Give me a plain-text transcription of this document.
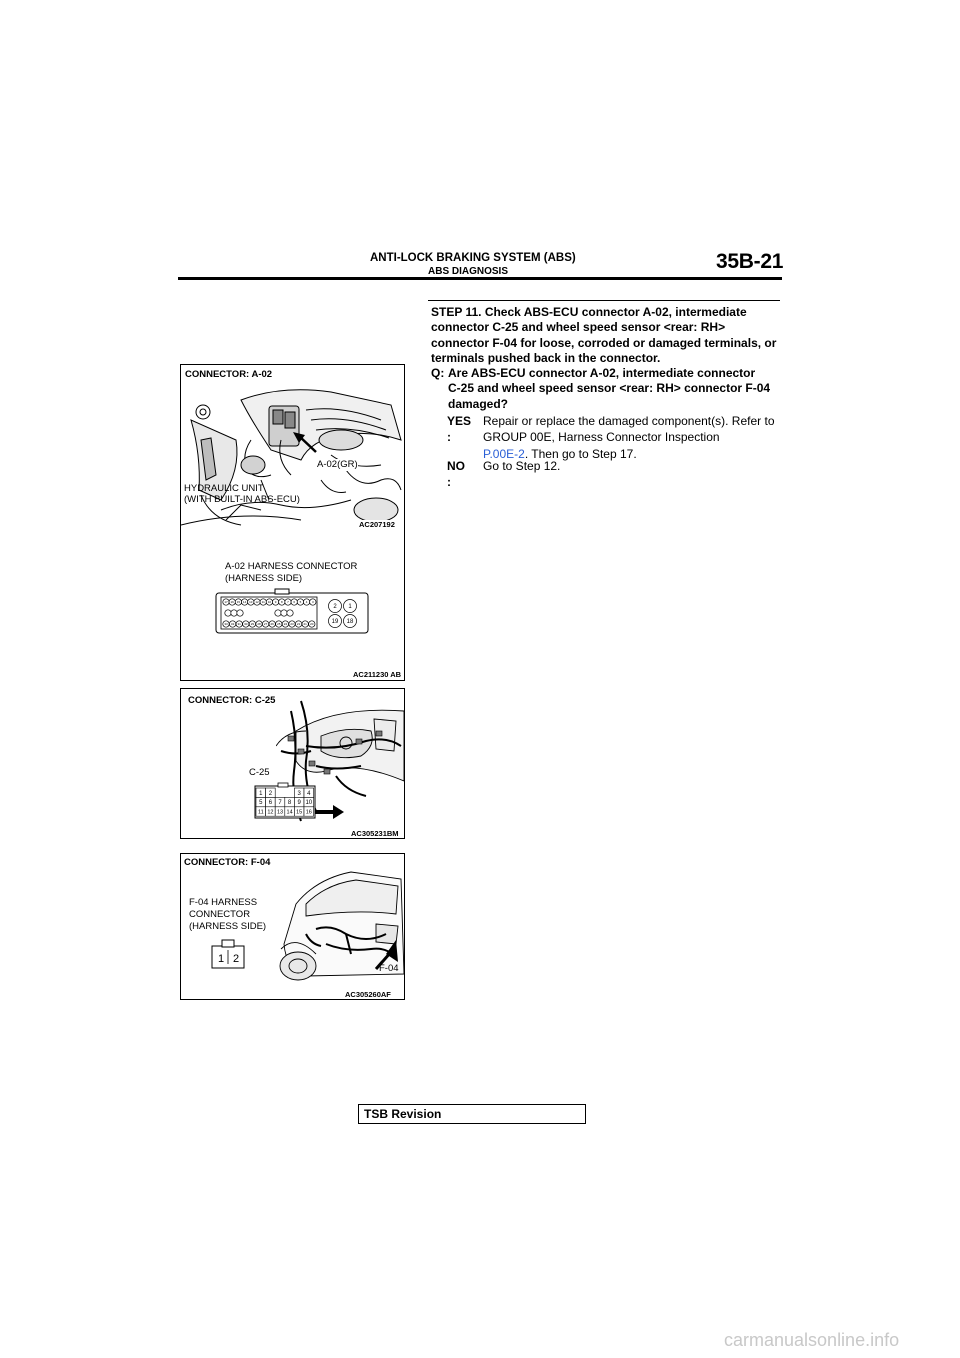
ANTI-LOCK BRAKING SYSTEM (ABS)
ABS DIAGNOSIS	35B-21
STEP 11. Check ABS-ECU connector A-02, intermediate connector C-25 and wheel speed sensor <rear: RH> connector F-04 for loose, corroded or damaged terminals, or terminals pushed back in the connector.
Q: Are ABS-ECU connector A-02, intermediate connector
C-25 and wheel speed sensor <rear: RH> connector F-04 damaged?
YES :
Repair or replace the damaged component(s). Refer to GROUP 00E, Harness Connector Inspection
P.00E-2. Then go to Step 17.
NO :
Go to Step 12.
CONNECTOR: A-02
A-02(GR)
HYDRAULIC UNIT
(WITH BUILT-IN ABS-ECU)
AC207192
A-02 HARNESS CONNECTOR
(HARNESS SIDE)
17 16 15 14 13 12 11 10 9 8 7 6 5 4 3
33 32 31 30 29 28 27 26 25 24 23 22 21 20
2 1
19 18
AC211230 AB
CONNECTOR: C-25
1 2	3 4
5 6 7 8 9 10
11 12 13 14 15 16
C-25
AC305231BM
CONNECTOR: F-04
F-04 HARNESS
CONNECTOR
(HARNESS SIDE)
1 2
F-04
AC305260AF
TSB Revision
carmanualsonline.info
